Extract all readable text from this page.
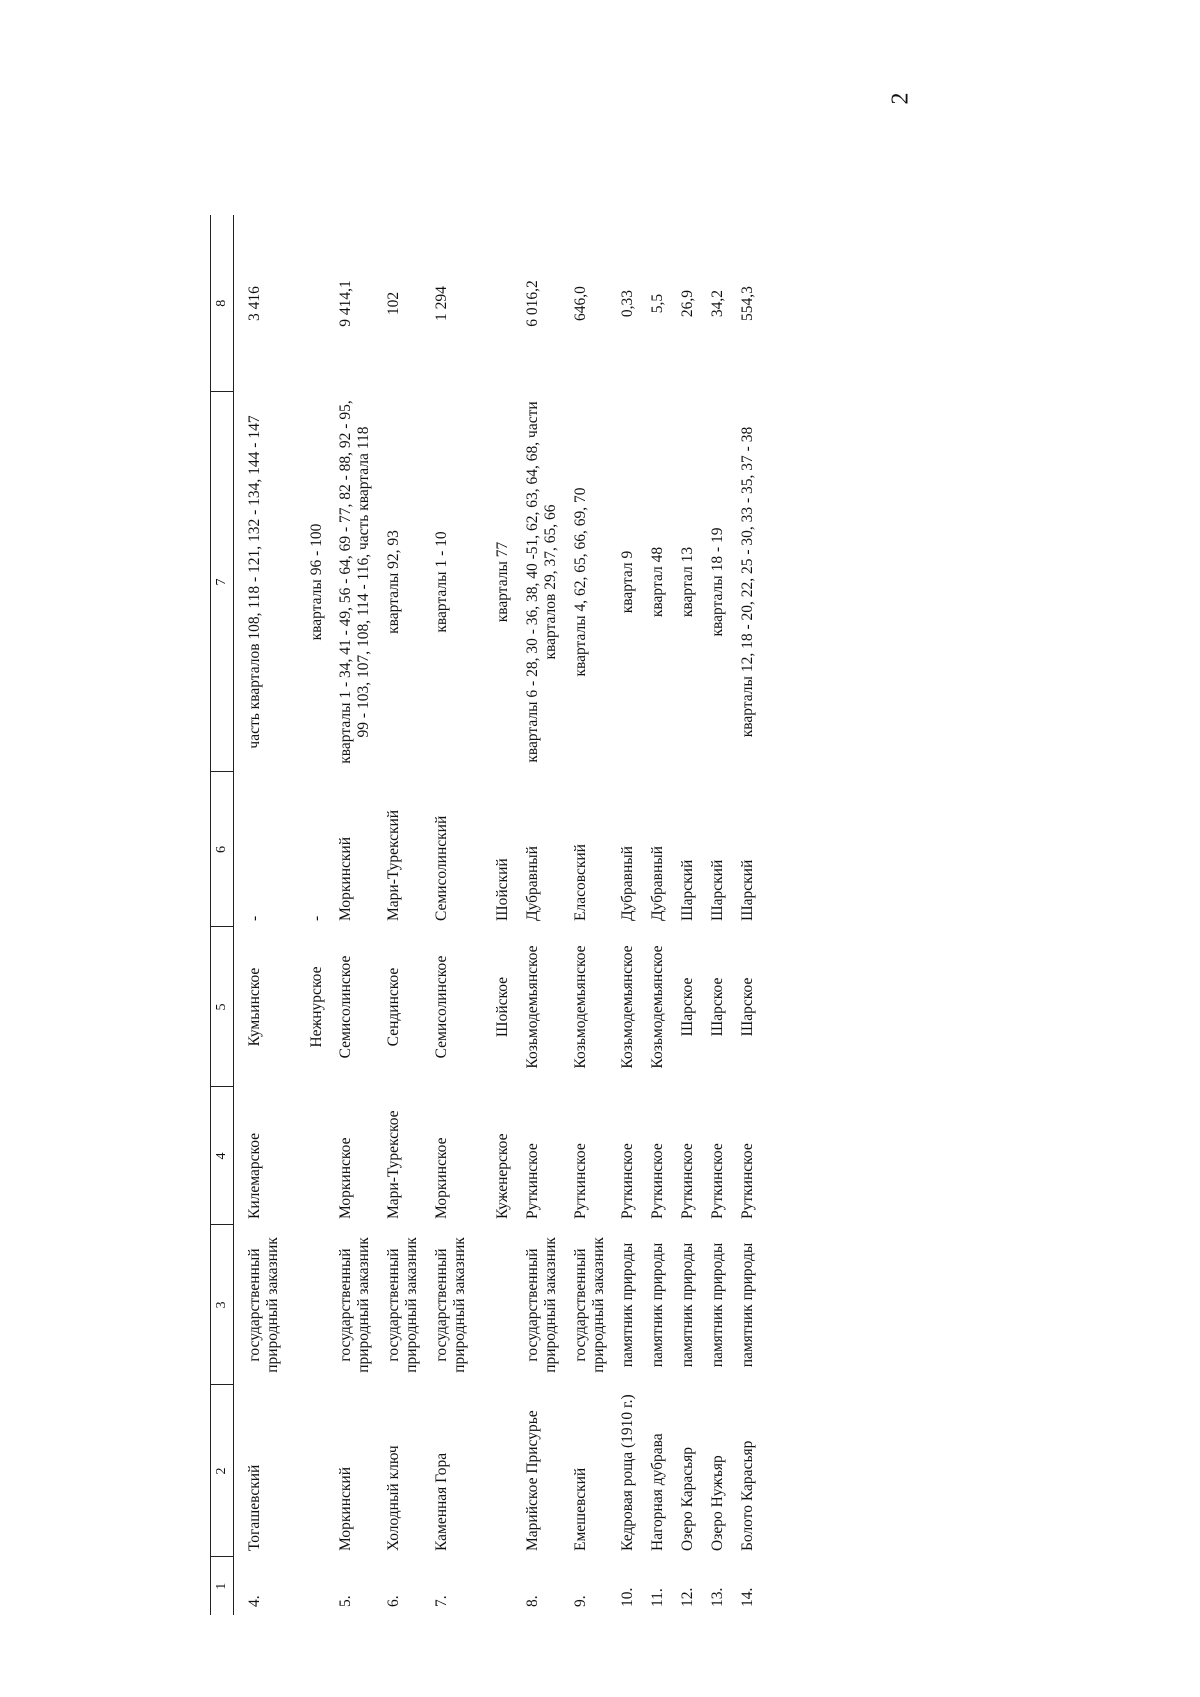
2
1	2	3	4	5	6	7	8
4.	Тогашевский	государственный природный заказник	Килемарское	Кумьинское	-	часть кварталов 108, 118 - 121, 132 - 134, 144 - 147	3 416
				Нежнурское	-	кварталы 96 - 100	
5.	Моркинский	государственный природный заказник	Моркинское	Семисолинское	Моркинский	кварталы 1 - 34, 41 - 49, 56 - 64, 69 - 77, 82 - 88, 92 - 95, 99 - 103, 107, 108, 114 - 116, часть квартала 118	9 414,1
6.	Холодный ключ	государственный природный заказник	Мари-Турекское	Сендинское	Мари-Турекский	кварталы 92, 93	102
7.	Каменная Гора	государственный природный заказник	Моркинское	Семисолинское	Семисолинский	кварталы 1 - 10	1 294
			Куженерское	Шойское	Шойский	кварталы 77	
8.	Марийское Присурье	государственный природный заказник	Руткинское	Козьмодемьянское	Дубравный	кварталы 6 - 28, 30 - 36, 38, 40 -51, 62, 63, 64, 68, части кварталов 29, 37, 65, 66	6 016,2
9.	Емешевский	государственный природный заказник	Руткинское	Козьмодемьянское	Еласовский	кварталы 4, 62, 65, 66, 69, 70	646,0
10.	Кедровая роща (1910 г.)	памятник природы	Руткинское	Козьмодемьянское	Дубравный	квартал 9	0,33
11.	Нагорная дубрава	памятник природы	Руткинское	Козьмодемьянское	Дубравный	квартал 48	5,5
12.	Озеро Карасьяр	памятник природы	Руткинское	Шарское	Шарский	квартал 13	26,9
13.	Озеро Нужъяр	памятник природы	Руткинское	Шарское	Шарский	кварталы 18 - 19	34,2
14.	Болото Карасьяр	памятник природы	Руткинское	Шарское	Шарский	кварталы 12, 18 - 20, 22, 25 - 30, 33 - 35, 37 - 38	554,3
